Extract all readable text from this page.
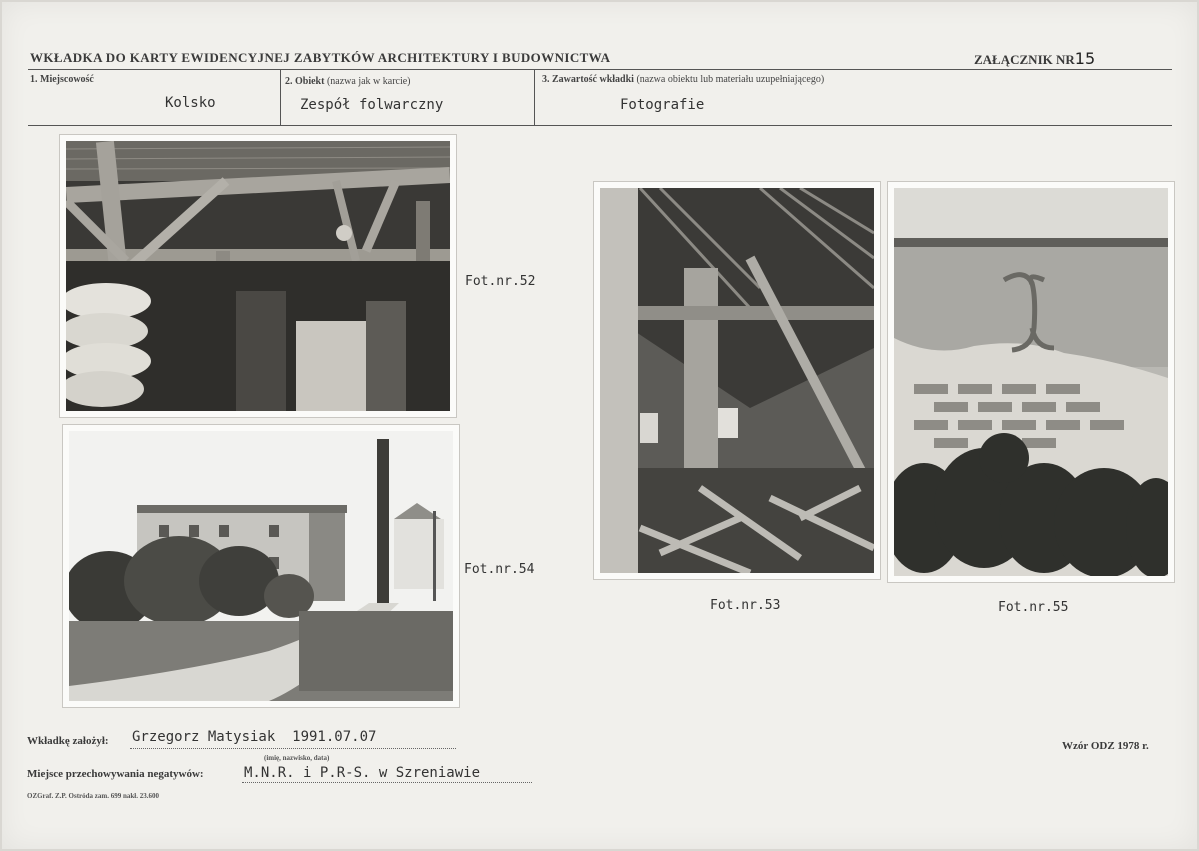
WKŁADKA DO KARTY EWIDENCYJNEJ ZABYTKÓW ARCHITEKTURY I BUDOWNICTWA	ZAŁĄCZNIK NR15
1. Miejscowość
Kolsko
2. Obiekt (nazwa jak w karcie)
Zespół folwarczny
3. Zawartość wkładki (nazwa obiektu lub materiału uzupełniającego)
Fotografie
Fot.nr.52
Fot.nr.54
Fot.nr.53	Fot.nr.55
Wkładkę założył: Grzegorz Matysiak  1991.07.07
(imię, nazwisko, data)
Miejsce przechowywania negatywów:	M.N.R. i P.R-S. w Szreniawie
OZGraf. Z.P. Ostróda zam. 699 nakł. 23.600
Wzór ODZ 1978 r.
